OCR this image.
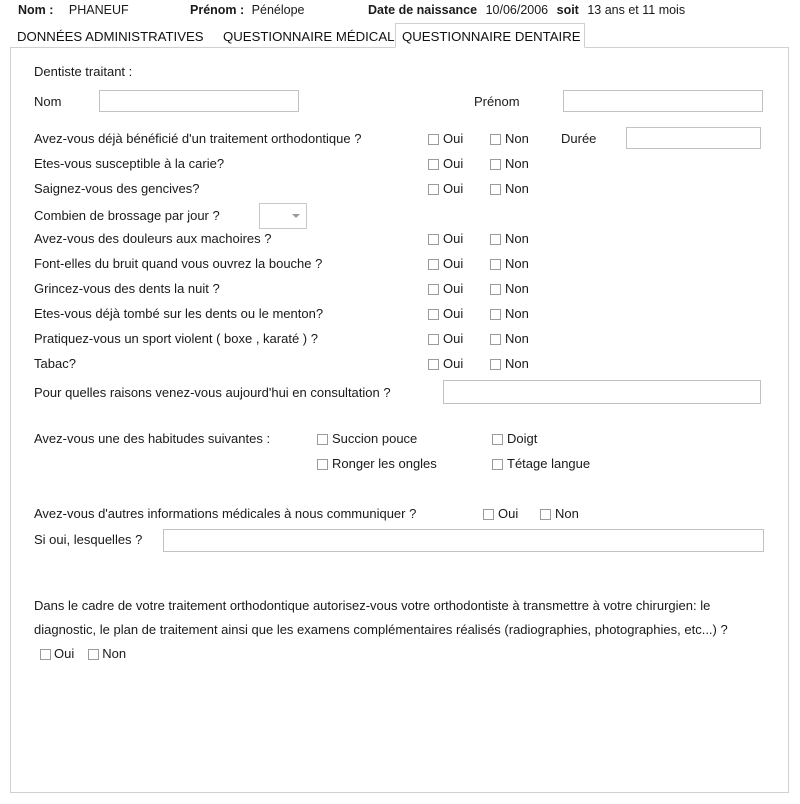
Nom : PHANEUF	Prénom : Pénélope	Date de naissance 10/06/2006 soit 13 ans et 11 mois
DONNÉES ADMINISTRATIVES	QUESTIONNAIRE MÉDICAL QUESTIONNAIRE DENTAIRE
Dentiste traitant :
Nom	Prénom
Avez-vous déjà bénéficié d'un traitement orthodontique ?	Oui	Non Durée
Etes-vous susceptible à la carie?	Oui	Non
Saignez-vous des gencives?	Oui	Non
Combien de brossage par jour ?
Avez-vous des douleurs aux machoires ?	Oui	Non
Font-elles du bruit quand vous ouvrez la bouche ?	Oui	Non
Grincez-vous des dents la nuit ?	Oui	Non
Etes-vous déjà tombé sur les dents ou le menton?	Oui	Non
Pratiquez-vous un sport violent ( boxe , karaté ) ?	Oui	Non
Tabac?	Oui	Non
Pour quelles raisons venez-vous aujourd'hui en consultation ?
Avez-vous une des habitudes suivantes :	Succion pouce	Doigt
Ronger les ongles	Tétage langue
Avez-vous d'autres informations médicales à nous communiquer ?	Oui	Non
Si oui, lesquelles ?
Dans le cadre de votre traitement orthodontique autorisez-vous votre orthodontiste à transmettre à votre chirurgien: le diagnostic, le plan de traitement ainsi que les examens complémentaires réalisés (radiographies, photographies, etc...) ?
Oui Non
